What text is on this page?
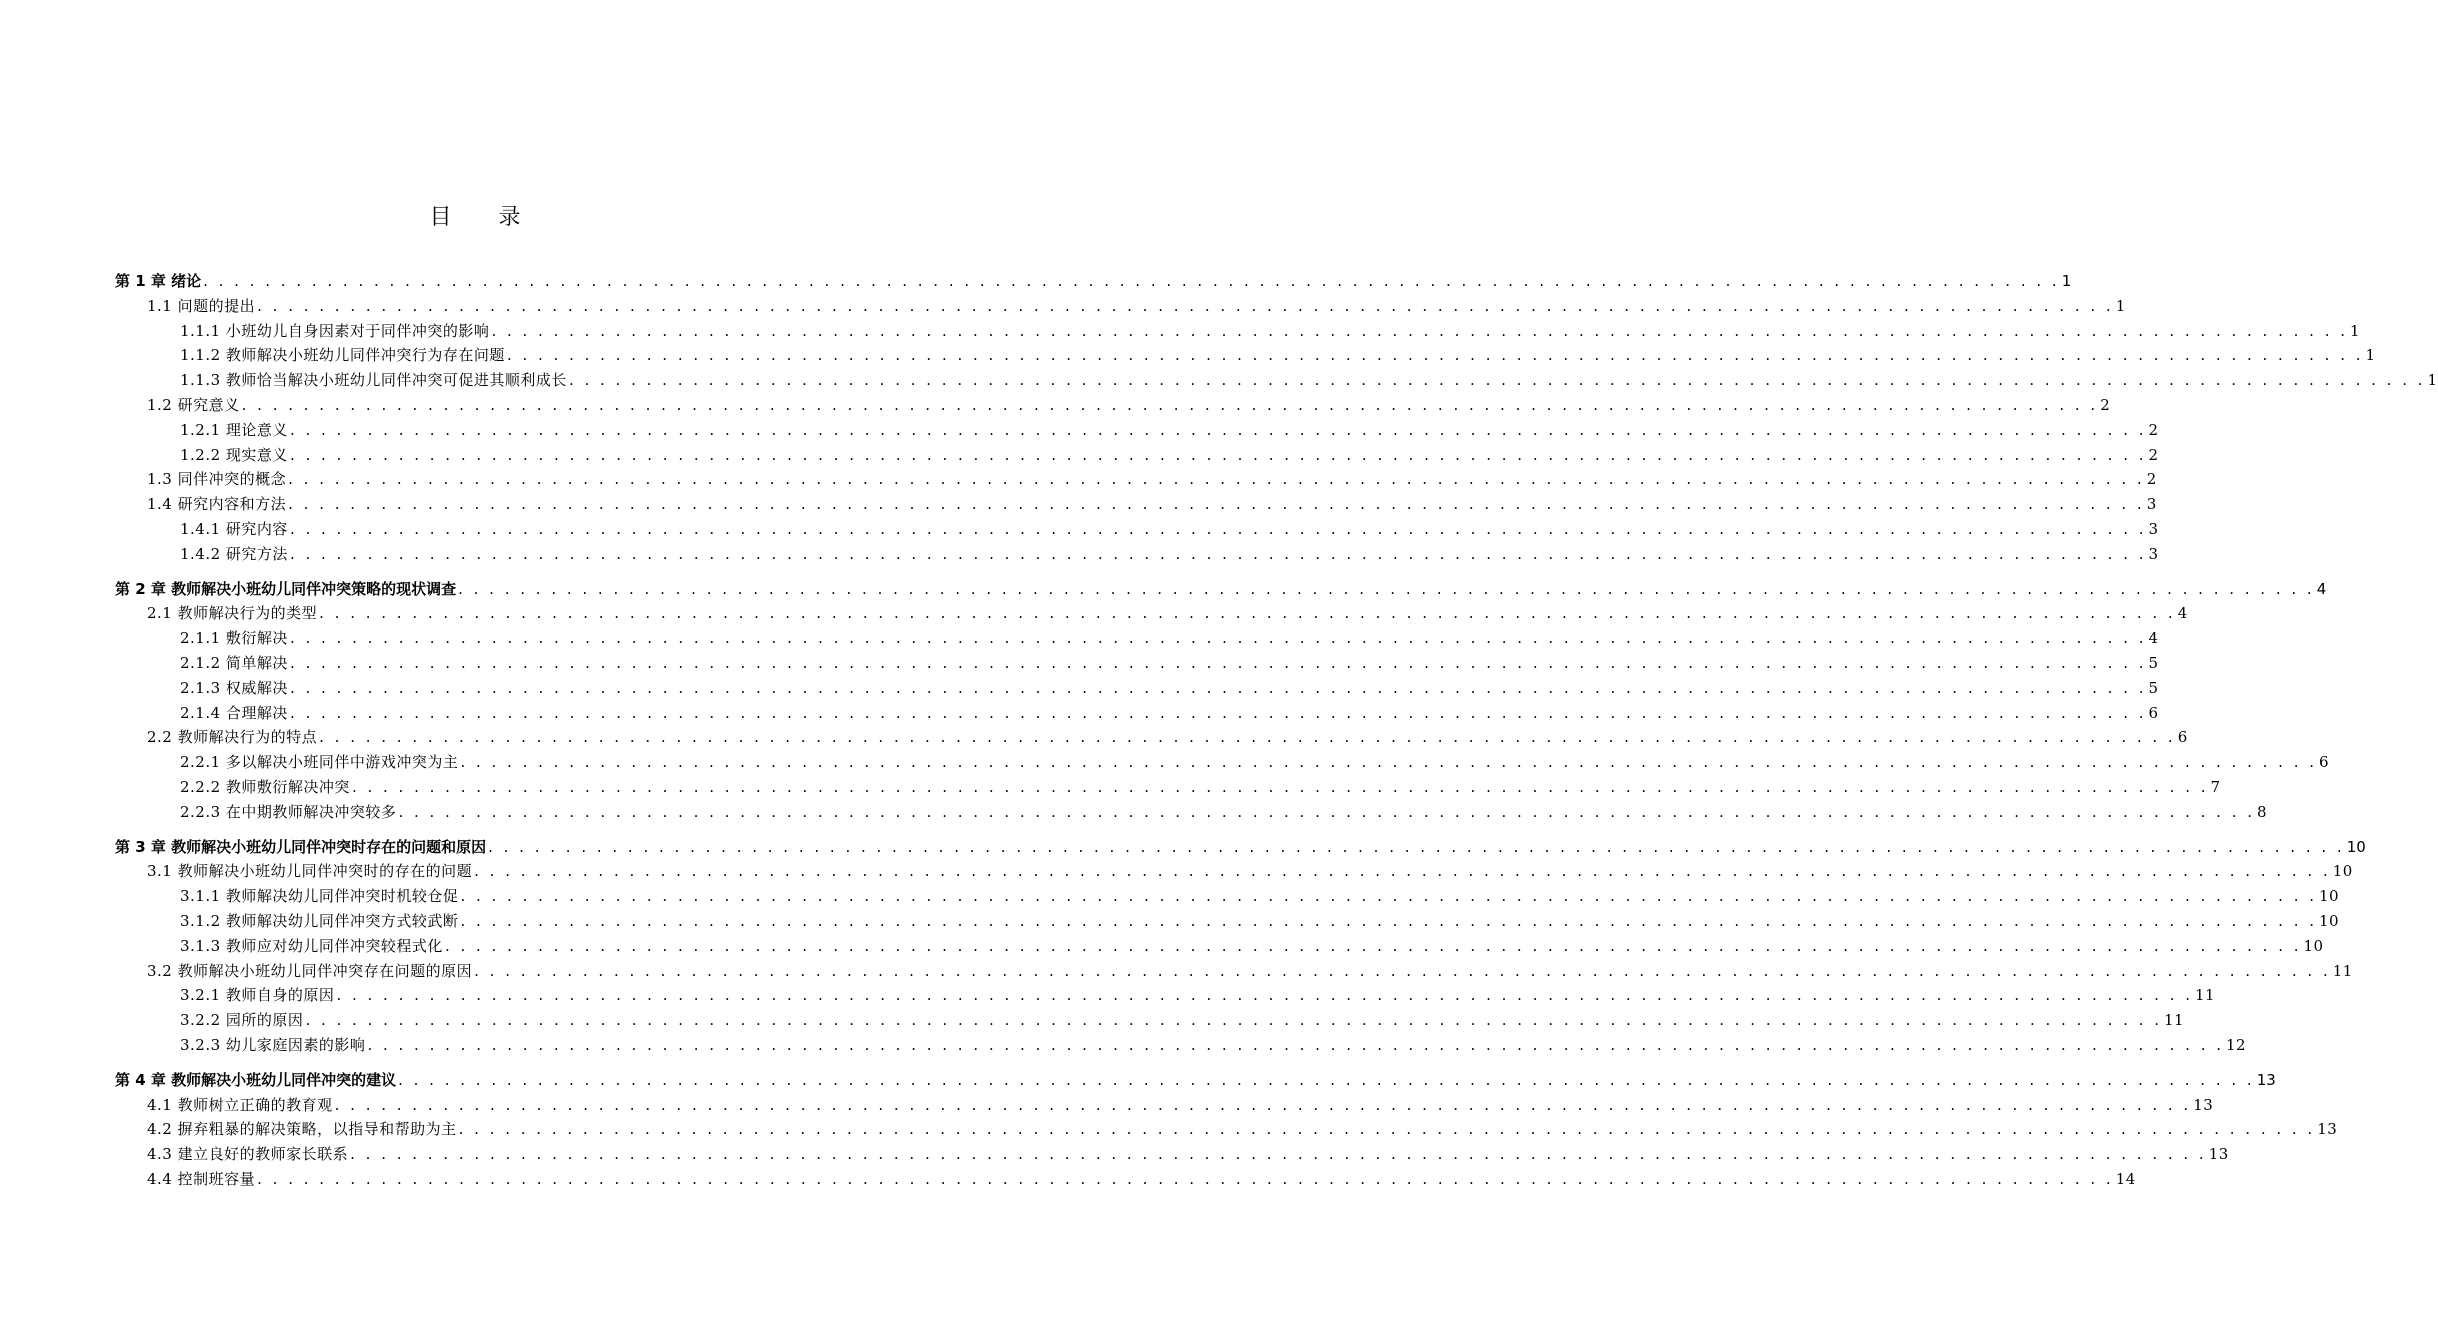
目 录
第 1 章 绪论 . . . . . . . . . . . . . . . . . . . . . . . . . . . . . . . . . . . . . . . . . . . . . . . . . . . . . . . . . . . . . . . . . . . . . . . . . . . . . . . . . . . . . . . . . . . . . . . . . . . . . . . . . . . . . . . . . . . . . . . . 1
1.1 问题的提出 . . . . . . . . . . . . . . . . . . . . . . . . . . . . . . . . . . . . . . . . . . . . . . . . . . . . . . . . . . . . . . . . . . . . . . . . . . . . . . . . . . . . . . . . . . . . . . . . . . . . . . . . . . . . . . . . . . . . . . . . 1
1.1.1 小班幼儿自身因素对于同伴冲突的影响 . . . . . . . . . . . . . . . . . . . . . . . . . . . . . . . . . . . . . . . . . . . . . . . . . . . . . . . . . . . . . . . . . . . . . . . . . . . . . . . . . . . . . . . . . . . . . . . . . . . . . . . . . . . . . . . . . . . . . . . . 1
1.1.2 教师解决小班幼儿同伴冲突行为存在问题 . . . . . . . . . . . . . . . . . . . . . . . . . . . . . . . . . . . . . . . . . . . . . . . . . . . . . . . . . . . . . . . . . . . . . . . . . . . . . . . . . . . . . . . . . . . . . . . . . . . . . . . . . . . . . . . . . . . . . . . . 1
1.1.3 教师恰当解决小班幼儿同伴冲突可促进其顺利成长 . . . . . . . . . . . . . . . . . . . . . . . . . . . . . . . . . . . . . . . . . . . . . . . . . . . . . . . . . . . . . . . . . . . . . . . . . . . . . . . . . . . . . . . . . . . . . . . . . . . . . . . . . . . . . . . . . . . . . . . . 1
1.2 研究意义 . . . . . . . . . . . . . . . . . . . . . . . . . . . . . . . . . . . . . . . . . . . . . . . . . . . . . . . . . . . . . . . . . . . . . . . . . . . . . . . . . . . . . . . . . . . . . . . . . . . . . . . . . . . . . . . . . . . . . . . . 2
1.2.1 理论意义 . . . . . . . . . . . . . . . . . . . . . . . . . . . . . . . . . . . . . . . . . . . . . . . . . . . . . . . . . . . . . . . . . . . . . . . . . . . . . . . . . . . . . . . . . . . . . . . . . . . . . . . . . . . . . . . . . . . . . . . . 2
1.2.2 现实意义 . . . . . . . . . . . . . . . . . . . . . . . . . . . . . . . . . . . . . . . . . . . . . . . . . . . . . . . . . . . . . . . . . . . . . . . . . . . . . . . . . . . . . . . . . . . . . . . . . . . . . . . . . . . . . . . . . . . . . . . . 2
1.3 同伴冲突的概念 . . . . . . . . . . . . . . . . . . . . . . . . . . . . . . . . . . . . . . . . . . . . . . . . . . . . . . . . . . . . . . . . . . . . . . . . . . . . . . . . . . . . . . . . . . . . . . . . . . . . . . . . . . . . . . . . . . . . . . . . 2
1.4 研究内容和方法 . . . . . . . . . . . . . . . . . . . . . . . . . . . . . . . . . . . . . . . . . . . . . . . . . . . . . . . . . . . . . . . . . . . . . . . . . . . . . . . . . . . . . . . . . . . . . . . . . . . . . . . . . . . . . . . . . . . . . . . . 3
1.4.1 研究内容 . . . . . . . . . . . . . . . . . . . . . . . . . . . . . . . . . . . . . . . . . . . . . . . . . . . . . . . . . . . . . . . . . . . . . . . . . . . . . . . . . . . . . . . . . . . . . . . . . . . . . . . . . . . . . . . . . . . . . . . . 3
1.4.2 研究方法 . . . . . . . . . . . . . . . . . . . . . . . . . . . . . . . . . . . . . . . . . . . . . . . . . . . . . . . . . . . . . . . . . . . . . . . . . . . . . . . . . . . . . . . . . . . . . . . . . . . . . . . . . . . . . . . . . . . . . . . . 3
第 2 章 教师解决小班幼儿同伴冲突策略的现状调查 . . . . . . . . . . . . . . . . . . . . . . . . . . . . . . . . . . . . . . . . . . . . . . . . . . . . . . . . . . . . . . . . . . . . . . . . . . . . . . . . . . . . . . . . . . . . . . . . . . . . . . . . . . . . . . . . . . . . . . . . 4
2.1 教师解决行为的类型 . . . . . . . . . . . . . . . . . . . . . . . . . . . . . . . . . . . . . . . . . . . . . . . . . . . . . . . . . . . . . . . . . . . . . . . . . . . . . . . . . . . . . . . . . . . . . . . . . . . . . . . . . . . . . . . . . . . . . . . . 4
2.1.1 敷衍解决 . . . . . . . . . . . . . . . . . . . . . . . . . . . . . . . . . . . . . . . . . . . . . . . . . . . . . . . . . . . . . . . . . . . . . . . . . . . . . . . . . . . . . . . . . . . . . . . . . . . . . . . . . . . . . . . . . . . . . . . . 4
2.1.2 简单解决 . . . . . . . . . . . . . . . . . . . . . . . . . . . . . . . . . . . . . . . . . . . . . . . . . . . . . . . . . . . . . . . . . . . . . . . . . . . . . . . . . . . . . . . . . . . . . . . . . . . . . . . . . . . . . . . . . . . . . . . . 5
2.1.3 权威解决 . . . . . . . . . . . . . . . . . . . . . . . . . . . . . . . . . . . . . . . . . . . . . . . . . . . . . . . . . . . . . . . . . . . . . . . . . . . . . . . . . . . . . . . . . . . . . . . . . . . . . . . . . . . . . . . . . . . . . . . . 5
2.1.4 合理解决 . . . . . . . . . . . . . . . . . . . . . . . . . . . . . . . . . . . . . . . . . . . . . . . . . . . . . . . . . . . . . . . . . . . . . . . . . . . . . . . . . . . . . . . . . . . . . . . . . . . . . . . . . . . . . . . . . . . . . . . . 6
2.2 教师解决行为的特点 . . . . . . . . . . . . . . . . . . . . . . . . . . . . . . . . . . . . . . . . . . . . . . . . . . . . . . . . . . . . . . . . . . . . . . . . . . . . . . . . . . . . . . . . . . . . . . . . . . . . . . . . . . . . . . . . . . . . . . . . 6
2.2.1 多以解决小班同伴中游戏冲突为主 . . . . . . . . . . . . . . . . . . . . . . . . . . . . . . . . . . . . . . . . . . . . . . . . . . . . . . . . . . . . . . . . . . . . . . . . . . . . . . . . . . . . . . . . . . . . . . . . . . . . . . . . . . . . . . . . . . . . . . . . 6
2.2.2 教师敷衍解决冲突 . . . . . . . . . . . . . . . . . . . . . . . . . . . . . . . . . . . . . . . . . . . . . . . . . . . . . . . . . . . . . . . . . . . . . . . . . . . . . . . . . . . . . . . . . . . . . . . . . . . . . . . . . . . . . . . . . . . . . . . . 7
2.2.3 在中期教师解决冲突较多 . . . . . . . . . . . . . . . . . . . . . . . . . . . . . . . . . . . . . . . . . . . . . . . . . . . . . . . . . . . . . . . . . . . . . . . . . . . . . . . . . . . . . . . . . . . . . . . . . . . . . . . . . . . . . . . . . . . . . . . . 8
第 3 章 教师解决小班幼儿同伴冲突时存在的问题和原因 . . . . . . . . . . . . . . . . . . . . . . . . . . . . . . . . . . . . . . . . . . . . . . . . . . . . . . . . . . . . . . . . . . . . . . . . . . . . . . . . . . . . . . . . . . . . . . . . . . . . . . . . . . . . . . . . . . . . . . . . 10
3.1 教师解决小班幼儿同伴冲突时的存在的问题 . . . . . . . . . . . . . . . . . . . . . . . . . . . . . . . . . . . . . . . . . . . . . . . . . . . . . . . . . . . . . . . . . . . . . . . . . . . . . . . . . . . . . . . . . . . . . . . . . . . . . . . . . . . . . . . . . . . . . . . . 10
3.1.1 教师解决幼儿同伴冲突时机较仓促 . . . . . . . . . . . . . . . . . . . . . . . . . . . . . . . . . . . . . . . . . . . . . . . . . . . . . . . . . . . . . . . . . . . . . . . . . . . . . . . . . . . . . . . . . . . . . . . . . . . . . . . . . . . . . . . . . . . . . . . . 10
3.1.2 教师解决幼儿同伴冲突方式较武断 . . . . . . . . . . . . . . . . . . . . . . . . . . . . . . . . . . . . . . . . . . . . . . . . . . . . . . . . . . . . . . . . . . . . . . . . . . . . . . . . . . . . . . . . . . . . . . . . . . . . . . . . . . . . . . . . . . . . . . . . 10
3.1.3 教师应对幼儿同伴冲突较程式化 . . . . . . . . . . . . . . . . . . . . . . . . . . . . . . . . . . . . . . . . . . . . . . . . . . . . . . . . . . . . . . . . . . . . . . . . . . . . . . . . . . . . . . . . . . . . . . . . . . . . . . . . . . . . . . . . . . . . . . . . 10
3.2 教师解决小班幼儿同伴冲突存在问题的原因 . . . . . . . . . . . . . . . . . . . . . . . . . . . . . . . . . . . . . . . . . . . . . . . . . . . . . . . . . . . . . . . . . . . . . . . . . . . . . . . . . . . . . . . . . . . . . . . . . . . . . . . . . . . . . . . . . . . . . . . . 11
3.2.1 教师自身的原因 . . . . . . . . . . . . . . . . . . . . . . . . . . . . . . . . . . . . . . . . . . . . . . . . . . . . . . . . . . . . . . . . . . . . . . . . . . . . . . . . . . . . . . . . . . . . . . . . . . . . . . . . . . . . . . . . . . . . . . . . 11
3.2.2 园所的原因 . . . . . . . . . . . . . . . . . . . . . . . . . . . . . . . . . . . . . . . . . . . . . . . . . . . . . . . . . . . . . . . . . . . . . . . . . . . . . . . . . . . . . . . . . . . . . . . . . . . . . . . . . . . . . . . . . . . . . . . . 11
3.2.3 幼儿家庭因素的影响 . . . . . . . . . . . . . . . . . . . . . . . . . . . . . . . . . . . . . . . . . . . . . . . . . . . . . . . . . . . . . . . . . . . . . . . . . . . . . . . . . . . . . . . . . . . . . . . . . . . . . . . . . . . . . . . . . . . . . . . . 12
第 4 章 教师解决小班幼儿同伴冲突的建议 . . . . . . . . . . . . . . . . . . . . . . . . . . . . . . . . . . . . . . . . . . . . . . . . . . . . . . . . . . . . . . . . . . . . . . . . . . . . . . . . . . . . . . . . . . . . . . . . . . . . . . . . . . . . . . . . . . . . . . . . 13
4.1 教师树立正确的教育观 . . . . . . . . . . . . . . . . . . . . . . . . . . . . . . . . . . . . . . . . . . . . . . . . . . . . . . . . . . . . . . . . . . . . . . . . . . . . . . . . . . . . . . . . . . . . . . . . . . . . . . . . . . . . . . . . . . . . . . . . 13
4.2 摒弃粗暴的解决策略，以指导和帮助为主 . . . . . . . . . . . . . . . . . . . . . . . . . . . . . . . . . . . . . . . . . . . . . . . . . . . . . . . . . . . . . . . . . . . . . . . . . . . . . . . . . . . . . . . . . . . . . . . . . . . . . . . . . . . . . . . . . . . . . . . . 13
4.3 建立良好的教师家长联系 . . . . . . . . . . . . . . . . . . . . . . . . . . . . . . . . . . . . . . . . . . . . . . . . . . . . . . . . . . . . . . . . . . . . . . . . . . . . . . . . . . . . . . . . . . . . . . . . . . . . . . . . . . . . . . . . . . . . . . . . 13
4.4 控制班容量 . . . . . . . . . . . . . . . . . . . . . . . . . . . . . . . . . . . . . . . . . . . . . . . . . . . . . . . . . . . . . . . . . . . . . . . . . . . . . . . . . . . . . . . . . . . . . . . . . . . . . . . . . . . . . . . . . . . . . . . . 14
